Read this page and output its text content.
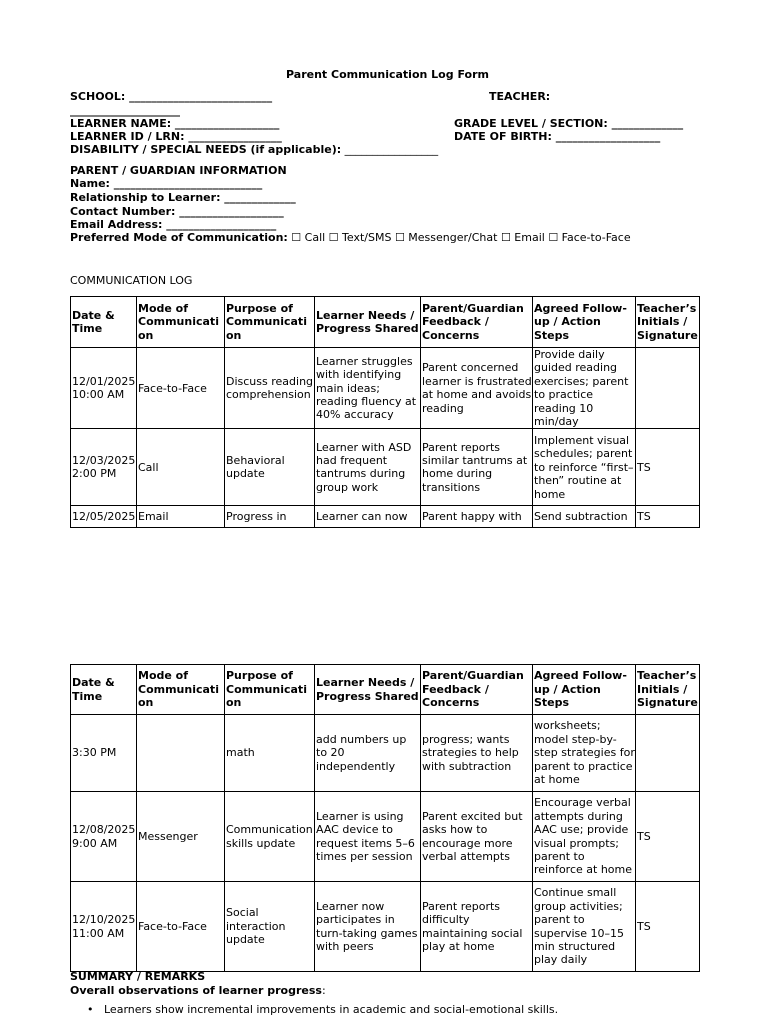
Parent Communication Log Form
SCHOOL: __________________________	TEACHER:
____________________
LEARNER NAME: ___________________	GRADE LEVEL / SECTION: _____________
LEARNER ID / LRN: _________________	DATE OF BIRTH: ___________________
DISABILITY / SPECIAL NEEDS (if applicable): _________________
PARENT / GUARDIAN INFORMATION
Name: ___________________________
Relationship to Learner: _____________
Contact Number: ___________________
Email Address: ____________________
Preferred Mode of Communication: ☐ Call ☐ Text/SMS ☐ Messenger/Chat ☐ Email ☐ Face-to-Face
COMMUNICATION LOG
Date & Time	Mode of Communication	Purpose of Communication	Learner Needs / Progress Shared	Parent/Guardian Feedback / Concerns	Agreed Follow-up / Action Steps	Teacher’s Initials / Signature
12/01/2025 10:00 AM	Face-to-Face	Discuss reading comprehension	Learner struggles with identifying main ideas; reading fluency at 40% accuracy	Parent concerned learner is frustrated at home and avoids reading	Provide daily guided reading exercises; parent to practice reading 10 min/day	
12/03/2025 2:00 PM	Call	Behavioral update	Learner with ASD had frequent tantrums during group work	Parent reports similar tantrums at home during transitions	Implement visual schedules; parent to reinforce “first–then” routine at home	TS
12/05/2025	Email	Progress in	Learner can now	Parent happy with	Send subtraction	TS
Date & Time	Mode of Communication	Purpose of Communication	Learner Needs / Progress Shared	Parent/Guardian Feedback / Concerns	Agreed Follow-up / Action Steps	Teacher’s Initials / Signature
3:30 PM		math	add numbers up to 20 independently	progress; wants strategies to help with subtraction	worksheets; model step-by-step strategies for parent to practice at home	
12/08/2025 9:00 AM	Messenger	Communication skills update	Learner is using AAC device to request items 5–6 times per session	Parent excited but asks how to encourage more verbal attempts	Encourage verbal attempts during AAC use; provide visual prompts; parent to reinforce at home	TS
12/10/2025 11:00 AM	Face-to-Face	Social interaction update	Learner now participates in turn-taking games with peers	Parent reports difficulty maintaining social play at home	Continue small group activities; parent to supervise 10–15 min structured play daily	TS
SUMMARY / REMARKS
Overall observations of learner progress:
• Learners show incremental improvements in academic and social-emotional skills.
